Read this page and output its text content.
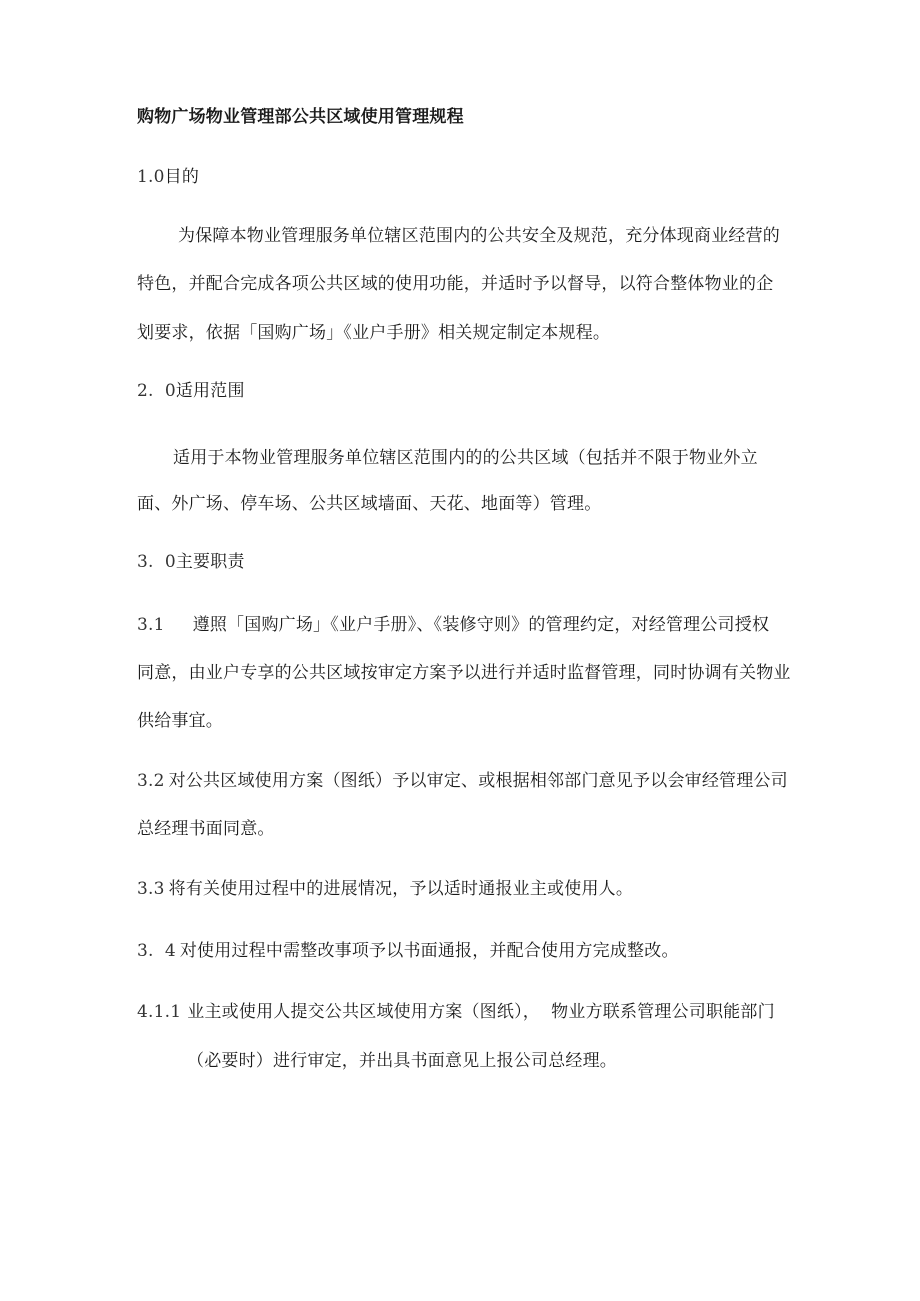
购物广场物业管理部公共区域使用管理规程
1.0目的
为保障本物业管理服务单位辖区范围内的公共安全及规范，充分体现商业经营的
特色，并配合完成各项公共区域的使用功能，并适时予以督导，以符合整体物业的企
划要求，依据「国购广场」《业户手册》相关规定制定本规程。
2.  0适用范围
适用于本物业管理服务单位辖区范围内的的公共区域（包括并不限于物业外立
面、外广场、停车场、公共区域墙面、天花、地面等）管理。
3.  0主要职责
3.1 遵照「国购广场」《业户手册》、《装修守则》的管理约定，对经管理公司授权
同意，由业户专享的公共区域按审定方案予以进行并适时监督管理，同时协调有关物业
供给事宜。
3.2 对公共区域使用方案（图纸）予以审定、或根据相邻部门意见予以会审经管理公司
总经理书面同意。
3.3 将有关使用过程中的进展情况，予以适时通报业主或使用人。
3.  4 对使用过程中需整改事项予以书面通报，并配合使用方完成整改。
4.1.1 业主或使用人提交公共区域使用方案（图纸），  物业方联系管理公司职能部门
（必要时）进行审定，并出具书面意见上报公司总经理。
